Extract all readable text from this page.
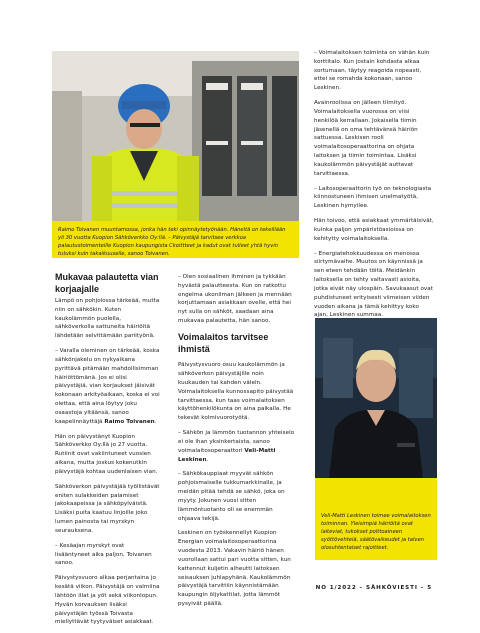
Raimo Toivanen muuntamossa, jonka hän teki opinnäytetyönään. Häneltä on tekeillään yli 30 vuotta Kuopion Sähköverkko Oy:llä. – Päivystäjä tarvitsee verkkoa palautustoimenteille Kuopion kaupungista Ckoittteet ja kadut ovat tulleet yhtä hyvin tutuksi kuin takaikuuselle, sanoo Toivanen.
Mukavaa palautetta vian korjaajalle

Lämpö on pohjolossa tärkeää, mutta niin on sähkökin. Kuten kaukolämmön puolella, sähköverkolla sattuneita häiriöitä lähdetään selvittämään pariityönä.

– Varalla oleminen on tärkeää, koska sähkönjakelu on nykyaikana pyrittävä pitämään mahdollisimman häiriöttömänä. Jos ei olisi päivystäjiä, vian korjaukset jäisivät kokonaan arkityöaikaan, koska ei voi olettaa, että aina löytyy joku osaastoja yltäänsä, sanoo kaapelinnäyttäjä Raimo Toivanen.

Hän on päivystänyt Kuopion Sähköverkko Oy:llä jo 27 vuotta. Rutiinit ovat vakiintuneet vuosien aikana, mutta joskus kokenutkin päivystäjä kohtaa uudenlaisen vian.

Sähköverkon päivystäjää työllistävät eniten sulakkeiden palamiset jakokaapeissa ja sähköpylväistä. Lisäksi puita kaatuu linjoille joko lumen painosta tai myrskyn seurauksena.

– Kesäajan myrskyt ovat lisääntyneet aika paljon, Toivanen sanoo.

Päivystysvuoro alkaa perjantaina jo kesätä viikon. Päivystäjä on valmiina lähtöön illat ja yöt sekä viikonlopun. Hyvän korvauksen lisäksi päivystäjän työssä Toivasta miellyttävät tyytyväiset asiakkaat.

– Olen sosiaalinen ihminen ja tykkään hyvästä palautteesta. Kun on ratkottu ongelma ukonilman jälkeen ja mennään korjuttamaan asiakkaan ovelle, että hei nyt sulla on sähköt, saadaan aina mukavaa palautetta, hän sanoo.

Voimalaitos tarvitsee ihmistä

Päivystysvuoro osuu kaukolämmön ja sähköverkon päivystäjille noin kuukauden tai kahden välein. Voimalaitoksella kunnossapito päivystää tarvittaessa, kun taas voimalaitoksen käyttöhenkilökunta on aina paikalla. He tekevät kolmivuorotyötä.

– Sähkön ja lämmön tuotannon yhteiselo ei ole ihan yksinkertaista, sanoo voimalaitosoperaattori Veli-Matti Leskinen.

– Sähkökauppiaat myyvät sähkön pohjoismaiselle tukkumarkkinalle, ja meidän pitää tehdä se sähkö, joka on myyty. Jokunen vuosi sitten lämmöntuotanto oli se enemmän ohjaava tekijä.

Leskinen on työskennellyt Kuopion Energian voimalaitosoperaattorina vuodesta 2013. Vakavin häiriö hänen vuorollaan sattui pari vuotta sitten, kun kattennut kuljetin aiheutti laitoksen seisauksen juhlapyhänä. Kaukolämmön päivystäjä tarvittiin käynnistämään kaupungin öljykattilat, jotta lämmöt pysyivät päällä.

– Voimalaitoksen toiminta on vähän kuin korttitalo. Kun jostain kohdasta alkaa sortumaan, täytyy reagoida nopeasti, ettei se romahda kokonaan, sanoo Leskinen.

Avainroolissa on jälleen tiimityö. Voimalaitoksella vuorossa on viisi henkilöä kerrallaan. Jokaisella tiimin jäsenellä on oma tehtävänsä häiriön sattuessa. Leskisen rooli voimalaitosoperaattorina on ohjata laitoksen ja tiimin toimintaa. Lisäksi kaukolämmön päivystäjät auttavat tarvittaessa.

– Laitosoperaattorin työ on teknologiasta kiinnostuneen ihmisen unelmatyötä, Leskinen hymyilee.

Hän toivoo, että asiakkaat ymmärtäisivät, kuinka paljon ympäristöasioissa on kehitytty voimalaitoksella.

– Energiatehokkuudessa on menossa siirtymävaihe. Muutos on käynnissä ja sen eteen tehdään töitä. Meidänkin laitoksella on tehty valtavasti asioita, jotka eivät näy ulospäin. Savukaasut ovat puhdistuneet erityisesti viimeisen viiden vuoden aikana ja tämä kehittyy koko ajan, Leskinen summaa.

Veli-Matti Leskinen toimee voimalaitoksen toiminnan. Yleisimpiä häiriöitä ovat laiteviat, tukokset polttoaineen syöttövehteiä, säätövaikeudet ja talven olosuhtentaiset rajoitteet.
NO 1/2022 – SÄHKÖVIESTI – 5
